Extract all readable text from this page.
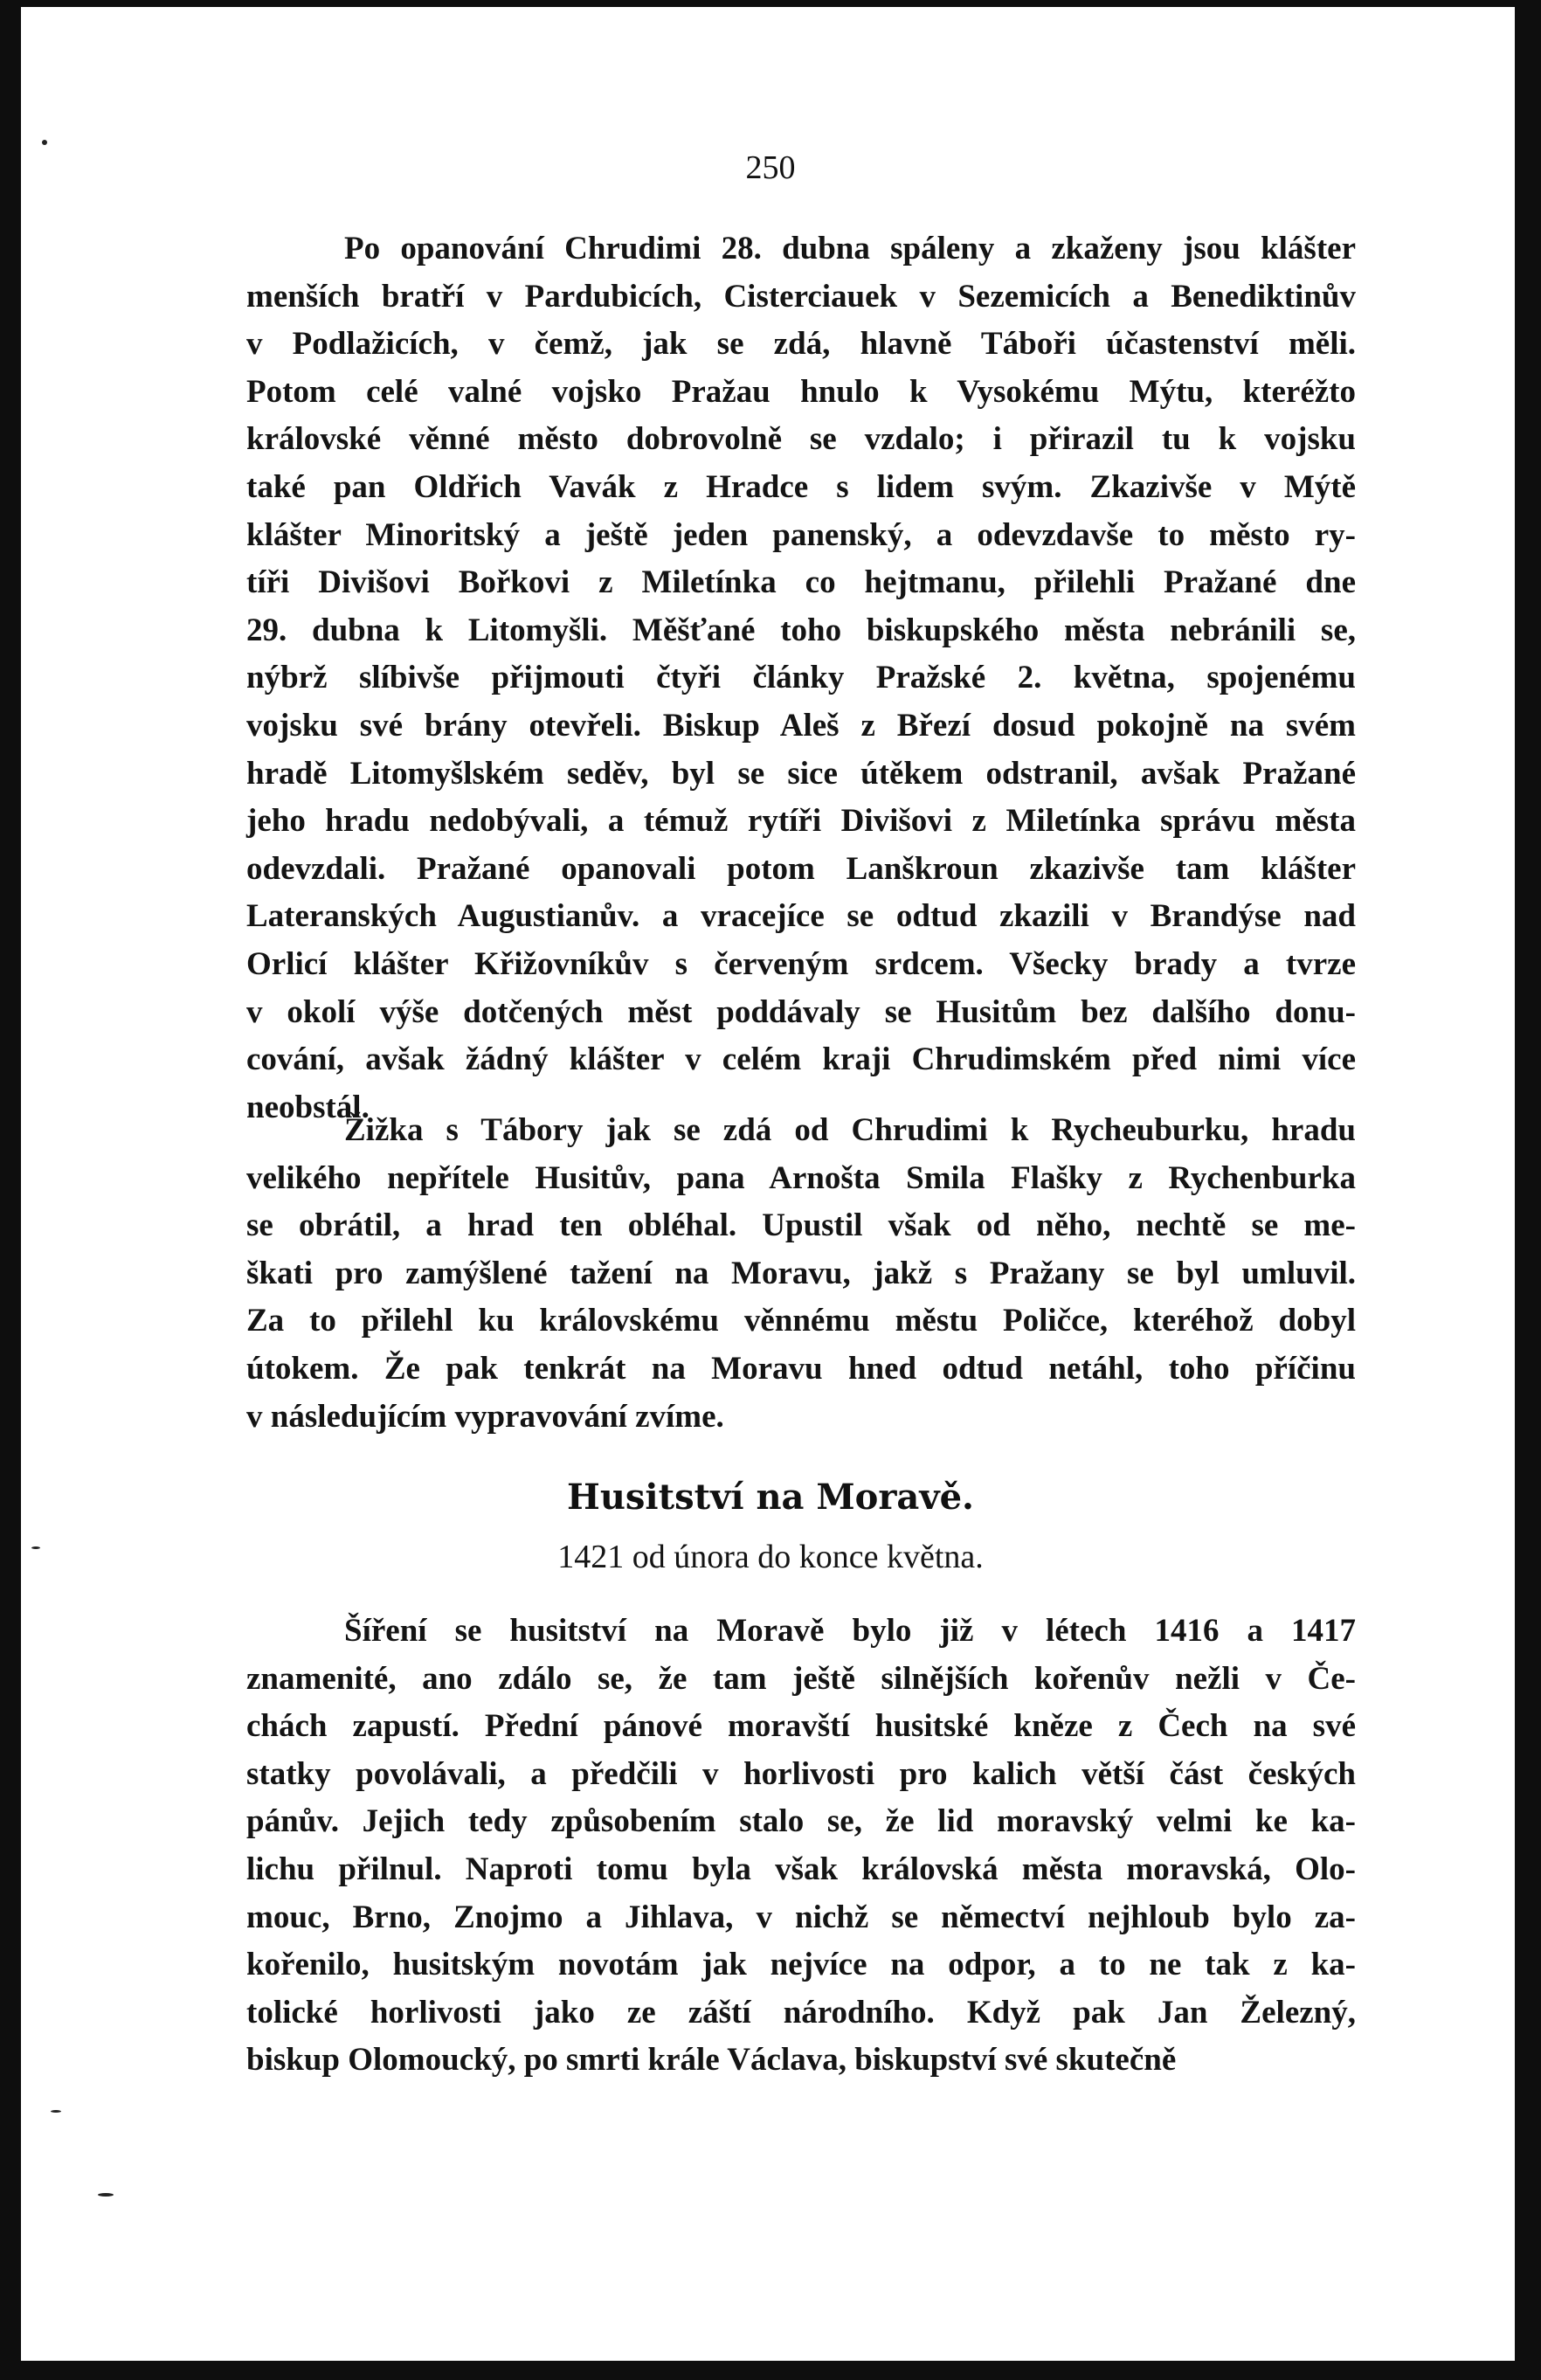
250
Po opanování Chrudimi 28. dubna spáleny a zkaženy jsou klášter
menších bratří v Pardubicích, Cisterciauek v Sezemicích a Benediktinův
v Podlažicích, v čemž, jak se zdá, hlavně Táboři účastenství měli.
Potom celé valné vojsko Pražau hnulo k Vysokému Mýtu, kteréžto
královské věnné město dobrovolně se vzdalo; i přirazil tu k vojsku
také pan Oldřich Vavák z Hradce s lidem svým. Zkazivše v Mýtě
klášter Minoritský a ještě jeden panenský, a odevzdavše to město ry-
tíři Divišovi Bořkovi z Miletínka co hejtmanu, přilehli Pražané dne
29. dubna k Litomyšli. Měšťané toho biskupského města nebránili se,
nýbrž slíbivše přijmouti čtyři články Pražské 2. května, spojenému
vojsku své brány otevřeli. Biskup Aleš z Březí dosud pokojně na svém
hradě Litomyšlském seděv, byl se sice útěkem odstranil, avšak Pražané
jeho hradu nedobývali, a témuž rytíři Divišovi z Miletínka správu města
odevzdali. Pražané opanovali potom Lanškroun zkazivše tam klášter
Lateranských Augustianův. a vracejíce se odtud zkazili v Brandýse nad
Orlicí klášter Křižovníkův s červeným srdcem. Všecky brady a tvrze
v okolí výše dotčených měst poddávaly se Husitům bez dalšího donu-
cování, avšak žádný klášter v celém kraji Chrudimském před nimi více
neobstál.
Žižka s Tábory jak se zdá od Chrudimi k Rycheuburku, hradu
velikého nepřítele Husitův, pana Arnošta Smila Flašky z Rychenburka
se obrátil, a hrad ten obléhal. Upustil však od něho, nechtě se me-
škati pro zamýšlené tažení na Moravu, jakž s Pražany se byl umluvil.
Za to přilehl ku královskému věnnému městu Poličce, kteréhož dobyl
útokem. Že pak tenkrát na Moravu hned odtud netáhl, toho příčinu
v následujícím vypravování zvíme.
Husitství na Moravě.
1421 od února do konce května.
Šíření se husitství na Moravě bylo již v létech 1416 a 1417
znamenité, ano zdálo se, že tam ještě silnějších kořenův nežli v Če-
chách zapustí. Přední pánové moravští husitské kněze z Čech na své
statky povolávali, a předčili v horlivosti pro kalich větší část českých
pánův. Jejich tedy způsobením stalo se, že lid moravský velmi ke ka-
lichu přilnul. Naproti tomu byla však královská města moravská, Olo-
mouc, Brno, Znojmo a Jihlava, v nichž se němectví nejhloub bylo za-
kořenilo, husitským novotám jak nejvíce na odpor, a to ne tak z ka-
tolické horlivosti jako ze záští národního. Když pak Jan Železný,
biskup Olomoucký, po smrti krále Václava, biskupství své skutečně
